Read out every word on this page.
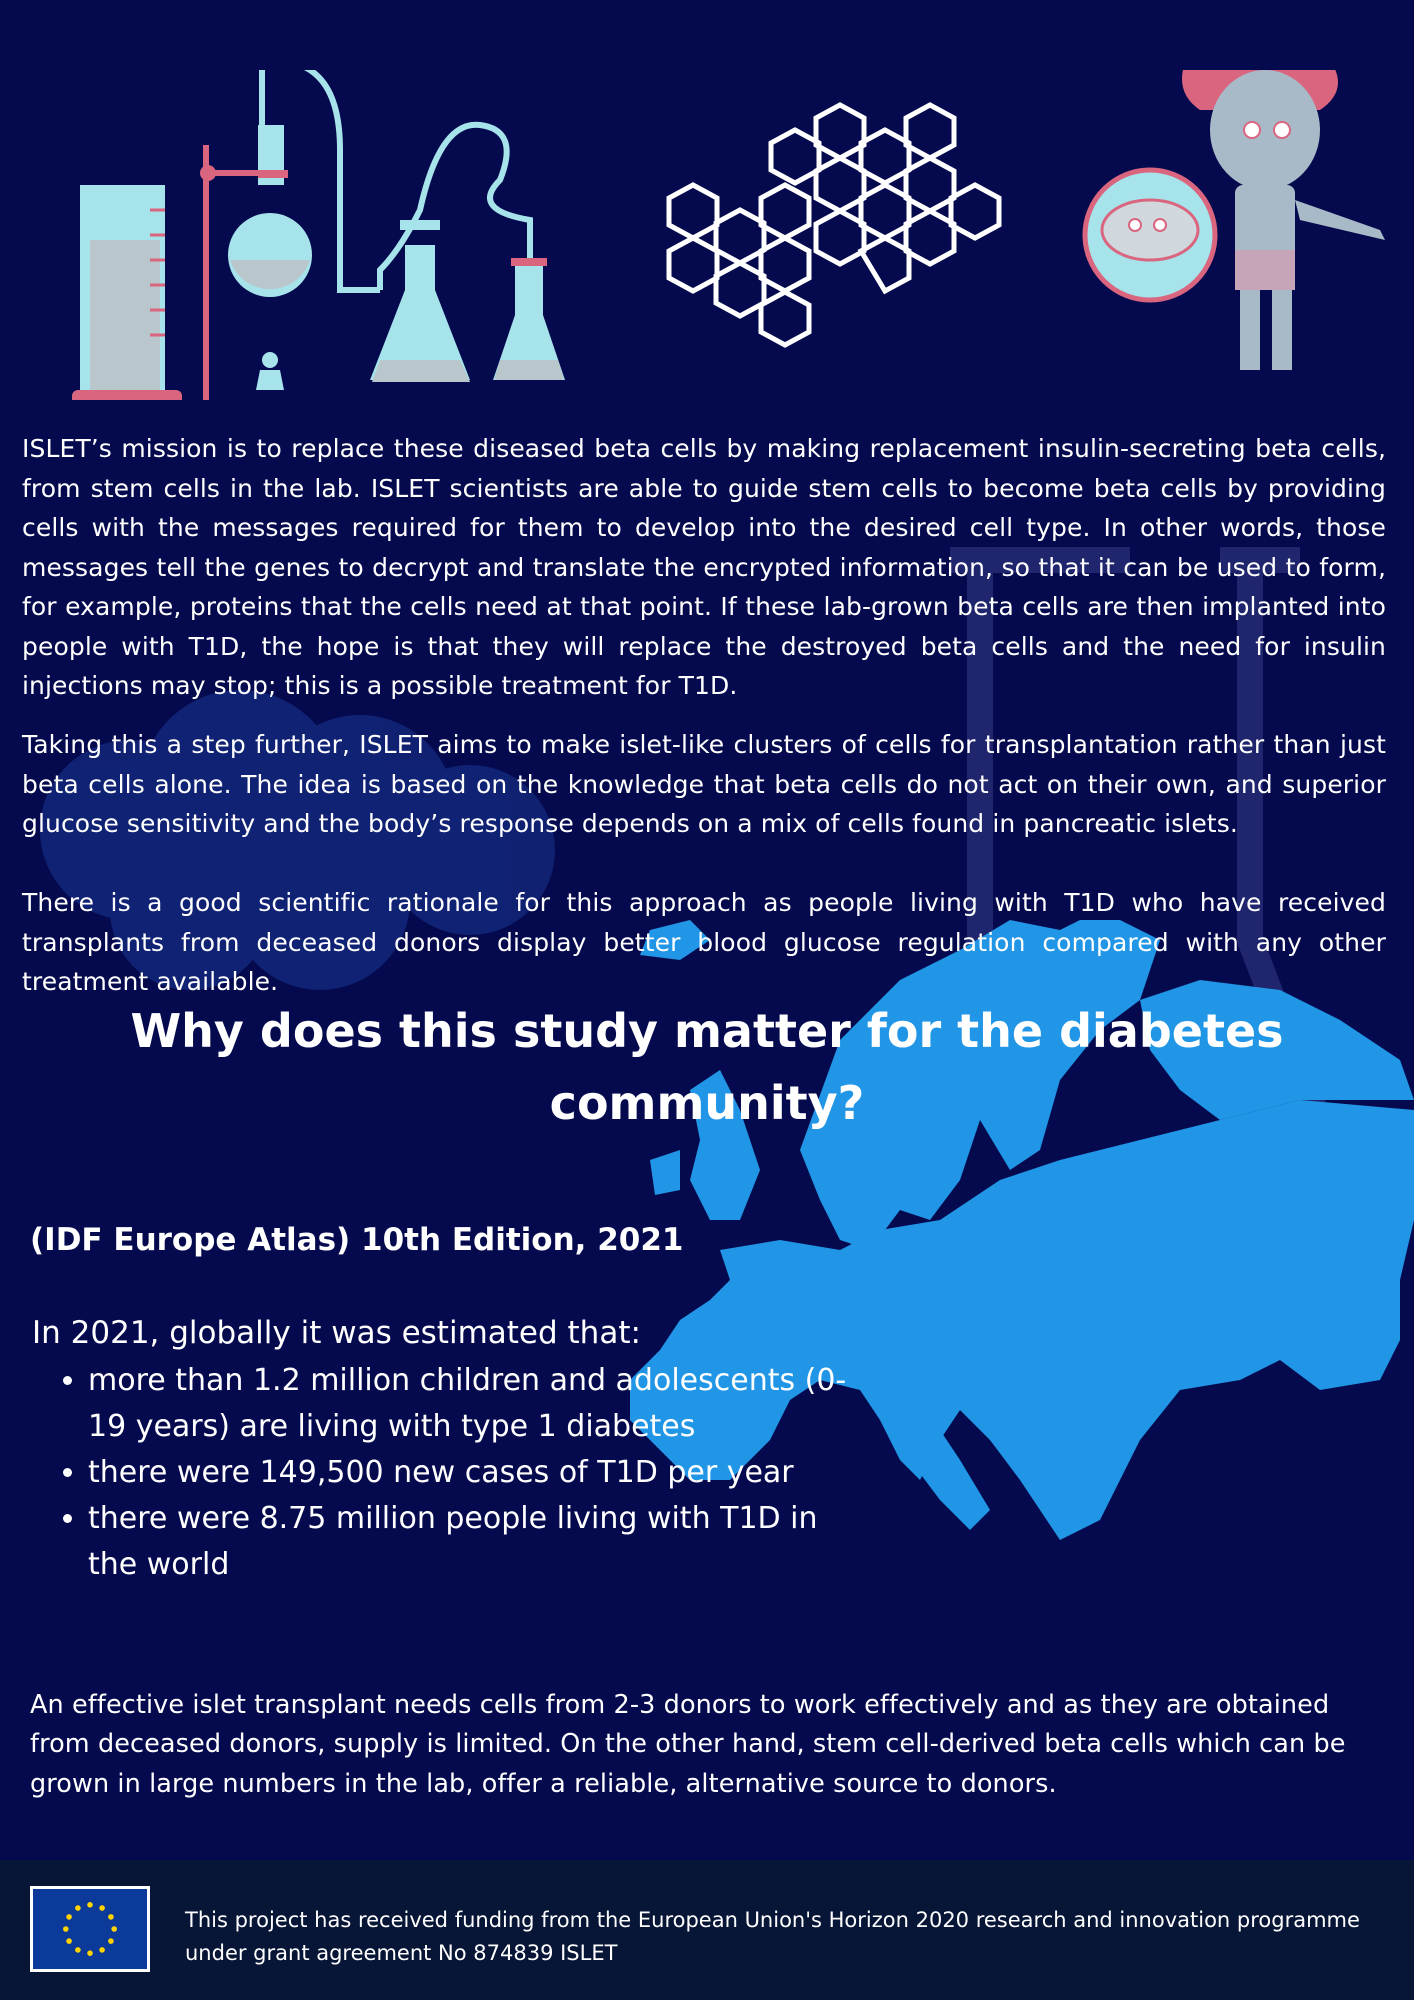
ISLET’s mission is to replace these diseased beta cells by making replacement insulin-secreting beta cells, from stem cells in the lab. ISLET scientists are able to guide stem cells to become beta cells by providing cells with the messages required for them to develop into the desired cell type. In other words, those messages tell the genes to decrypt and translate the encrypted information, so that it can be used to form, for example, proteins that the cells need at that point. If these lab-grown beta cells are then implanted into people with T1D, the hope is that they will replace the destroyed beta cells and the need for insulin injections may stop; this is a possible treatment for T1D.

Taking this a step further, ISLET aims to make islet-like clusters of cells for transplantation rather than just beta cells alone. The idea is based on the knowledge that beta cells do not act on their own, and superior glucose sensitivity and the body’s response depends on a mix of cells found in pancreatic islets.

There is a good scientific rationale for this approach as people living with T1D who have received transplants from deceased donors display better blood glucose regulation compared with any other treatment available.

Why does this study matter for the diabetes community?
(IDF Europe Atlas) 10th Edition, 2021
In 2021, globally it was estimated that:
• more than 1.2 million children and adolescents (0-19 years) are living with type 1 diabetes
• there were 149,500 new cases of T1D per year
• there were 8.75 million people living with T1D in the world

An effective islet transplant needs cells from 2-3 donors to work effectively and as they are obtained from deceased donors, supply is limited. On the other hand, stem cell-derived beta cells which can be grown in large numbers in the lab, offer a reliable, alternative source to donors.

This project has received funding from the European Union's Horizon 2020 research and innovation programme under grant agreement No 874839 ISLET
